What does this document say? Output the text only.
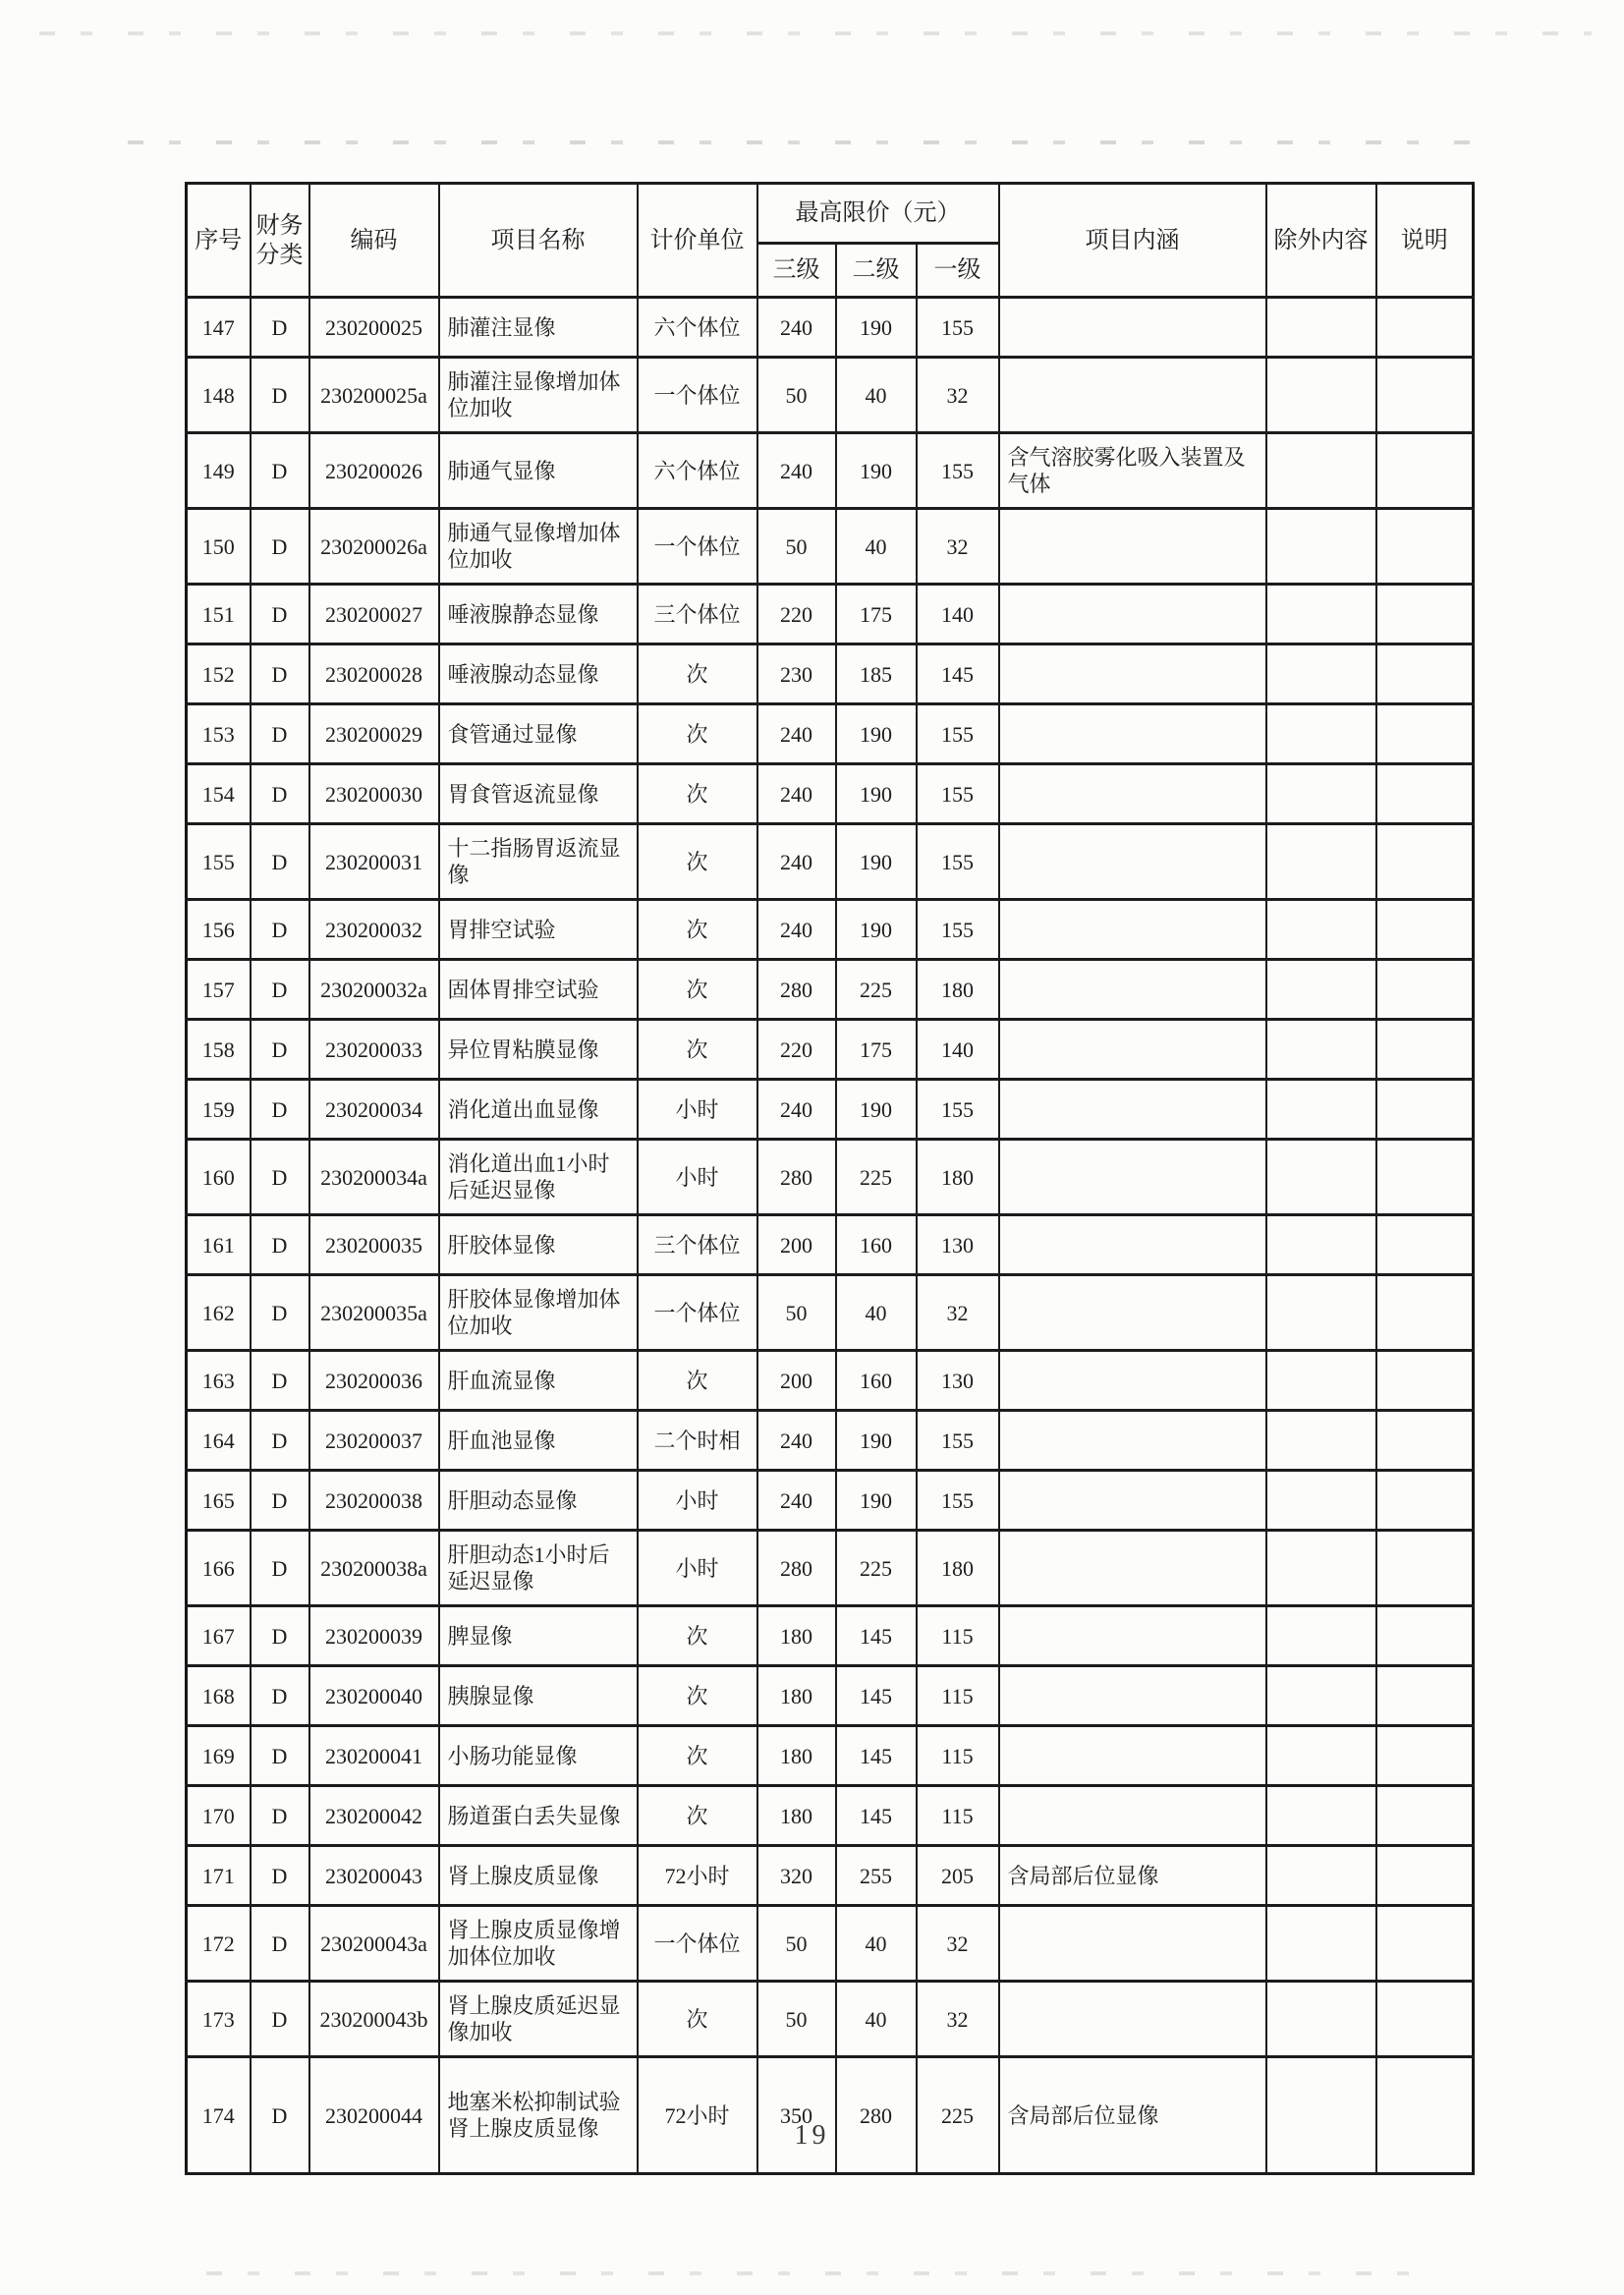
序号	财务分类	编码	项目名称	计价单位	最高限价（元）			项目内涵	除外内容	说明
					三级	二级	一级			
147	D	230200025	肺灌注显像	六个体位	240	190	155			
148	D	230200025a	肺灌注显像增加体位加收	一个体位	50	40	32			
149	D	230200026	肺通气显像	六个体位	240	190	155	含气溶胶雾化吸入装置及气体		
150	D	230200026a	肺通气显像增加体位加收	一个体位	50	40	32			
151	D	230200027	唾液腺静态显像	三个体位	220	175	140			
152	D	230200028	唾液腺动态显像	次	230	185	145			
153	D	230200029	食管通过显像	次	240	190	155			
154	D	230200030	胃食管返流显像	次	240	190	155			
155	D	230200031	十二指肠胃返流显像	次	240	190	155			
156	D	230200032	胃排空试验	次	240	190	155			
157	D	230200032a	固体胃排空试验	次	280	225	180			
158	D	230200033	异位胃粘膜显像	次	220	175	140			
159	D	230200034	消化道出血显像	小时	240	190	155			
160	D	230200034a	消化道出血1小时后延迟显像	小时	280	225	180			
161	D	230200035	肝胶体显像	三个体位	200	160	130			
162	D	230200035a	肝胶体显像增加体位加收	一个体位	50	40	32			
163	D	230200036	肝血流显像	次	200	160	130			
164	D	230200037	肝血池显像	二个时相	240	190	155			
165	D	230200038	肝胆动态显像	小时	240	190	155			
166	D	230200038a	肝胆动态1小时后延迟显像	小时	280	225	180			
167	D	230200039	脾显像	次	180	145	115			
168	D	230200040	胰腺显像	次	180	145	115			
169	D	230200041	小肠功能显像	次	180	145	115			
170	D	230200042	肠道蛋白丢失显像	次	180	145	115			
171	D	230200043	肾上腺皮质显像	72小时	320	255	205	含局部后位显像		
172	D	230200043a	肾上腺皮质显像增加体位加收	一个体位	50	40	32			
173	D	230200043b	肾上腺皮质延迟显像加收	次	50	40	32			
174	D	230200044	地塞米松抑制试验肾上腺皮质显像	72小时	350	280	225	含局部后位显像		
19
